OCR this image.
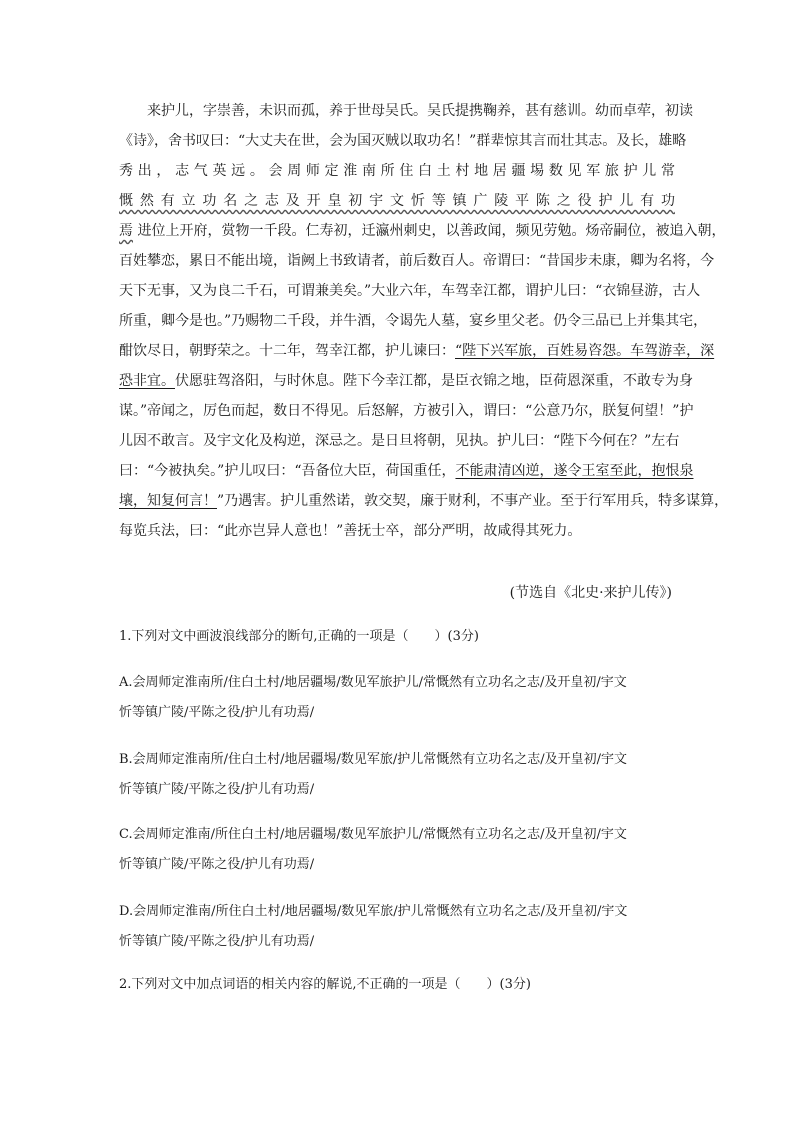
来护儿，字崇善，未识而孤，养于世母吴氏。吴氏提携鞠养，甚有慈训。幼而卓荦，初读
《诗》，舍书叹曰：“大丈夫在世，会为国灭贼以取功名！”群辈惊其言而壮其志。及长，雄略
秀出，志气英远。会周师定淮南所住白土村地居疆埸数见军旅护儿常
慨然有立功名之志及开皇初宇文忻等镇广陵平陈之役护儿有功
焉 进位上开府，赏物一千段。仁寿初，迁瀛州刺史，以善政闻，频见劳勉。炀帝嗣位，被追入朝，
百姓攀恋，累日不能出境，诣阙上书致请者，前后数百人。帝谓曰：“昔国步未康，卿为名将，今
天下无事，又为良二千石，可谓兼美矣。”大业六年，车驾幸江都，谓护儿曰：“衣锦昼游，古人
所重，卿今是也。”乃赐物二千段，并牛酒，令谒先人墓，宴乡里父老。仍令三品已上并集其宅，
酣饮尽日，朝野荣之。十二年，驾幸江都，护儿谏曰：“陛下兴军旅，百姓易咨怨。车驾游幸，深
恐非宜。伏愿驻驾洛阳，与时休息。陛下今幸江都，是臣衣锦之地，臣荷恩深重，不敢专为身
谋。”帝闻之，厉色而起，数日不得见。后怒解，方被引入，谓曰：“公意乃尔，朕复何望！”护
儿因不敢言。及宇文化及构逆，深忌之。是日旦将朝，见执。护儿曰：“陛下今何在？”左右
曰：“今被执矣。”护儿叹曰：“吾备位大臣，荷国重任，不能肃清凶逆，遂令王室至此，抱恨泉
壤，知复何言！”乃遇害。护儿重然诺，敦交契，廉于财利，不事产业。至于行军用兵，特多谋算，
每览兵法，曰：“此亦岂异人意也！”善抚士卒，部分严明，故咸得其死力。
(节选自《北史·来护儿传》)
1.下列对文中画波浪线部分的断句,正确的一项是（　　）(3分)
A.会周师定淮南所/住白土村/地居疆埸/数见军旅护儿/常慨然有立功名之志/及开皇初/宇文
忻等镇广陵/平陈之役/护儿有功焉/
B.会周师定淮南所/住白土村/地居疆埸/数见军旅/护儿常慨然有立功名之志/及开皇初/宇文
忻等镇广陵/平陈之役/护儿有功焉/
C.会周师定淮南/所住白土村/地居疆埸/数见军旅护儿/常慨然有立功名之志/及开皇初/宇文
忻等镇广陵/平陈之役/护儿有功焉/
D.会周师定淮南/所住白土村/地居疆埸/数见军旅/护儿常慨然有立功名之志/及开皇初/宇文
忻等镇广陵/平陈之役/护儿有功焉/
2.下列对文中加点词语的相关内容的解说,不正确的一项是（　　）(3分)
